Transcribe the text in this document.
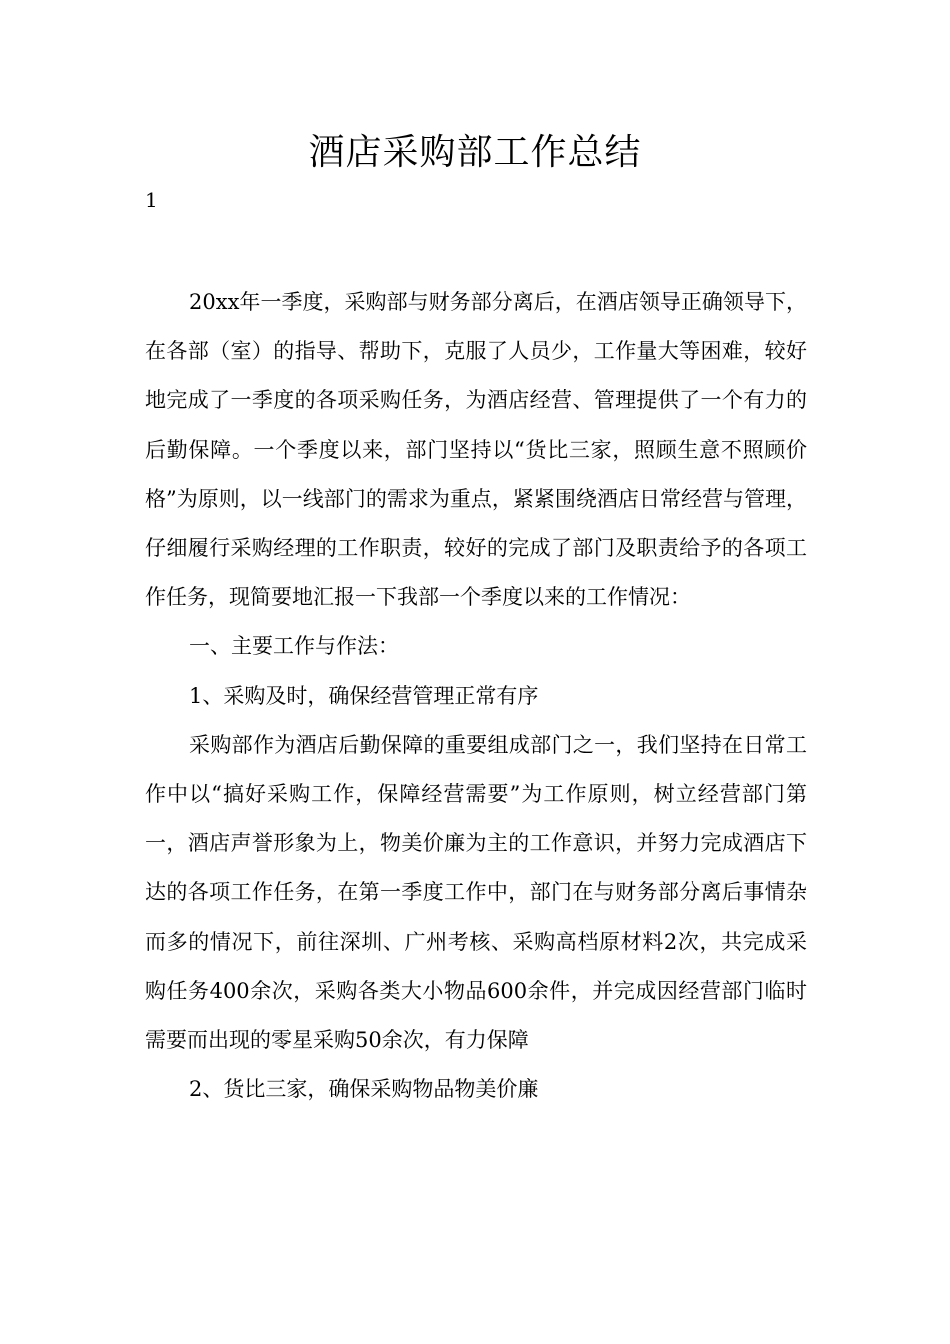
酒店采购部工作总结
1

20xx年一季度，采购部与财务部分离后，在酒店领导正确领导下，在各部（室）的指导、帮助下，克服了人员少，工作量大等困难，较好地完成了一季度的各项采购任务，为酒店经营、管理提供了一个有力的后勤保障。一个季度以来，部门坚持以“货比三家，照顾生意不照顾价格”为原则，以一线部门的需求为重点，紧紧围绕酒店日常经营与管理，仔细履行采购经理的工作职责，较好的完成了部门及职责给予的各项工作任务，现简要地汇报一下我部一个季度以来的工作情况：

一、主要工作与作法：

1、采购及时，确保经营管理正常有序

采购部作为酒店后勤保障的重要组成部门之一，我们坚持在日常工作中以“搞好采购工作，保障经营需要”为工作原则，树立经营部门第一，酒店声誉形象为上，物美价廉为主的工作意识，并努力完成酒店下达的各项工作任务，在第一季度工作中，部门在与财务部分离后事情杂而多的情况下，前往深圳、广州考核、采购高档原材料2次，共完成采购任务400余次，采购各类大小物品600余件，并完成因经营部门临时需要而出现的零星采购50余次，有力保障

2、货比三家，确保采购物品物美价廉
